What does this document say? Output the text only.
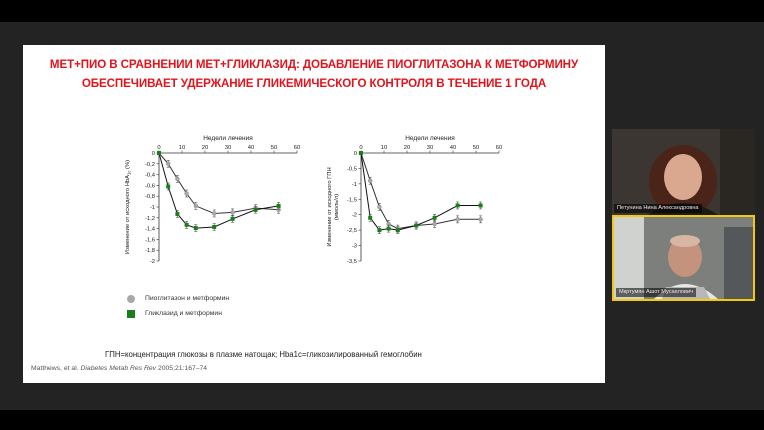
МЕТ+ПИО В СРАВНЕНИИ МЕТ+ГЛИКЛАЗИД: ДОБАВЛЕНИЕ ПИОГЛИТАЗОНА К МЕТФОРМИНУ
ОБЕСПЕЧИВАЕТ УДЕРЖАНИЕ ГЛИКЕМИЧЕСКОГО КОНТРОЛЯ В ТЕЧЕНИЕ 1 ГОДА
Недели лечения
0	10	20	30	40	50	60
0
-0,2
-0,4
-0,6
-0,8
-1
-1,2
-1,4
-1,6
-1,8
-2
Изменение от исходного HbA$_{1c}$ (%)
Недели лечения
0	10	20	30	40	50	60
0
-0,5
-1
-1,5
-2
-2,5
-3
-3,5
Изменение от исходного ГПН (ммоль/л)
Пиоглитазон и метформин
Гликлазид и метформин
ГПН=концентрация глюкозы в плазме натощак; Hba1c=гликозилированный гемоглобин
Matthews, et al. Diabetes Metab Res Rev 2005;21:167–74
Петунина Нина Александровна
Мкртумян Ашот Мусаелович
